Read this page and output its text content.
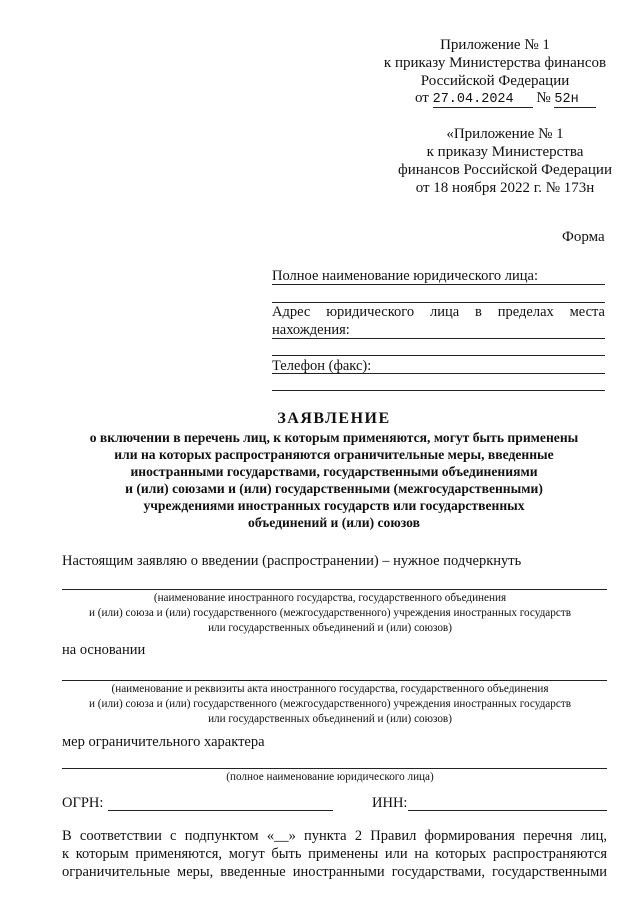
Приложение № 1
к приказу Министерства финансов
Российской Федерации
от 27.04.2024 № 52н
«Приложение № 1
к приказу Министерства
финансов Российской Федерации
от 18 ноября 2022 г. № 173н
Форма
Полное наименование юридического лица:
Адрес юридического лица в пределах места
нахождения:
Телефон (факс):
ЗАЯВЛЕНИЕ
о включении в перечень лиц, к которым применяются, могут быть применены
или на которых распространяются ограничительные меры, введенные
иностранными государствами, государственными объединениями
и (или) союзами и (или) государственными (межгосударственными)
учреждениями иностранных государств или государственных
объединений и (или) союзов
Настоящим заявляю о введении (распространении) – нужное подчеркнуть
(наименование иностранного государства, государственного объединения
и (или) союза и (или) государственного (межгосударственного) учреждения иностранных государств
или государственных объединений и (или) союзов)
на основании
(наименование и реквизиты акта иностранного государства, государственного объединения
и (или) союза и (или) государственного (межгосударственного) учреждения иностранных государств
или государственных объединений и (или) союзов)
мер ограничительного характера
(полное наименование юридического лица)
ОГРН:	ИНН:
В соответствии с подпунктом «__» пункта 2 Правил формирования перечня лиц,
к которым применяются, могут быть применены или на которых распространяются
ограничительные меры, введенные иностранными государствами, государственными
